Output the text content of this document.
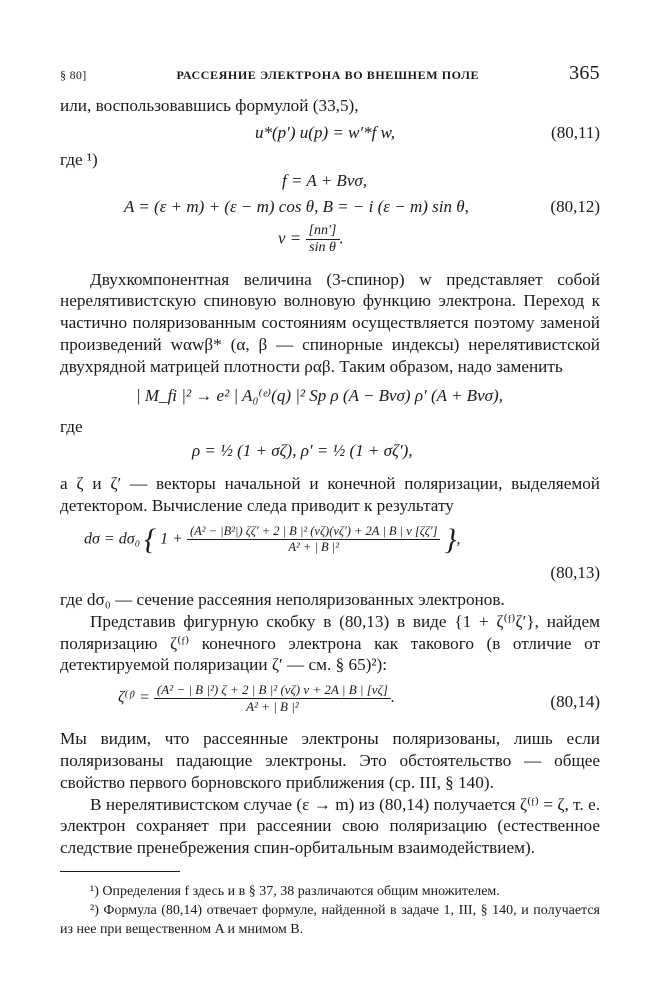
§ 80]	РАССЕЯНИЕ ЭЛЕКТРОНА ВО ВНЕШНЕМ ПОЛЕ	365

или, воспользовавшись формулой (33,5),

u*(p′) u(p) = w′*f w,	(80,11)

где ¹)

f = A + Bνσ,
A = (ε + m) + (ε − m) cos θ, B = − i (ε − m) sin θ,	(80,12)
$\nu = \frac{[nn']}{\text{sin θ}}$ .

Двухкомпонентная величина (3-спинор) w представляет собой нерелятивистскую спиновую волновую функцию электрона. Переход к частично поляризованным состояниям осуществляется поэтому заменой произведений wαwβ* (α, β — спинорные индексы) нерелятивистской двухрядной матрицей плотности ραβ. Таким образом, надо заменить

| M_fi |² → e² | A₀⁽ᵉ⁾(q) |² Sp ρ (A − Bνσ) ρ′ (A + Bνσ),

где

ρ = ½ (1 + σζ), ρ′ = ½ (1 + σζ′),

а ζ и ζ′ — векторы начальной и конечной поляризации, выделяемой детектором. Вычисление следа приводит к результату

dσ = dσ₀ { $1 + \frac{\text{(A² − |B²|) ζζ′ + 2 | B |² (νζ)(νζ′) + 2A | B | ν [ζζ′]}}{\text{A² + | B |²}}$ },
(80,13)

где dσ₀ — сечение рассеяния неполяризованных электронов.

Представив фигурную скобку в (80,13) в виде {1 + ζ⁽ᶠ⁾ζ′}, найдем поляризацию ζ⁽ᶠ⁾ конечного электрона как такового (в отличие от детектируемой поляризации ζ′ — см. § 65)²):

ζ⁽ᶠ⁾ = $\frac{\text{(A² − | B |²) ζ + 2 | B |² (νζ) ν + 2A | B | [νζ]}}{\text{A² + | B |²}}$ .	(80,14)

Мы видим, что рассеянные электроны поляризованы, лишь если поляризованы падающие электроны. Это обстоятельство — общее свойство первого борновского приближения (ср. III, § 140).

В нерелятивистском случае (ε → m) из (80,14) получается ζ⁽ᶠ⁾ = ζ, т. е. электрон сохраняет при рассеянии свою поляризацию (естественное следствие пренебрежения спин-орбитальным взаимодействием).

¹) Определения f здесь и в § 37, 38 различаются общим множителем.

²) Формула (80,14) отвечает формуле, найденной в задаче 1, III, § 140, и получается из нее при вещественном A и мнимом B.
